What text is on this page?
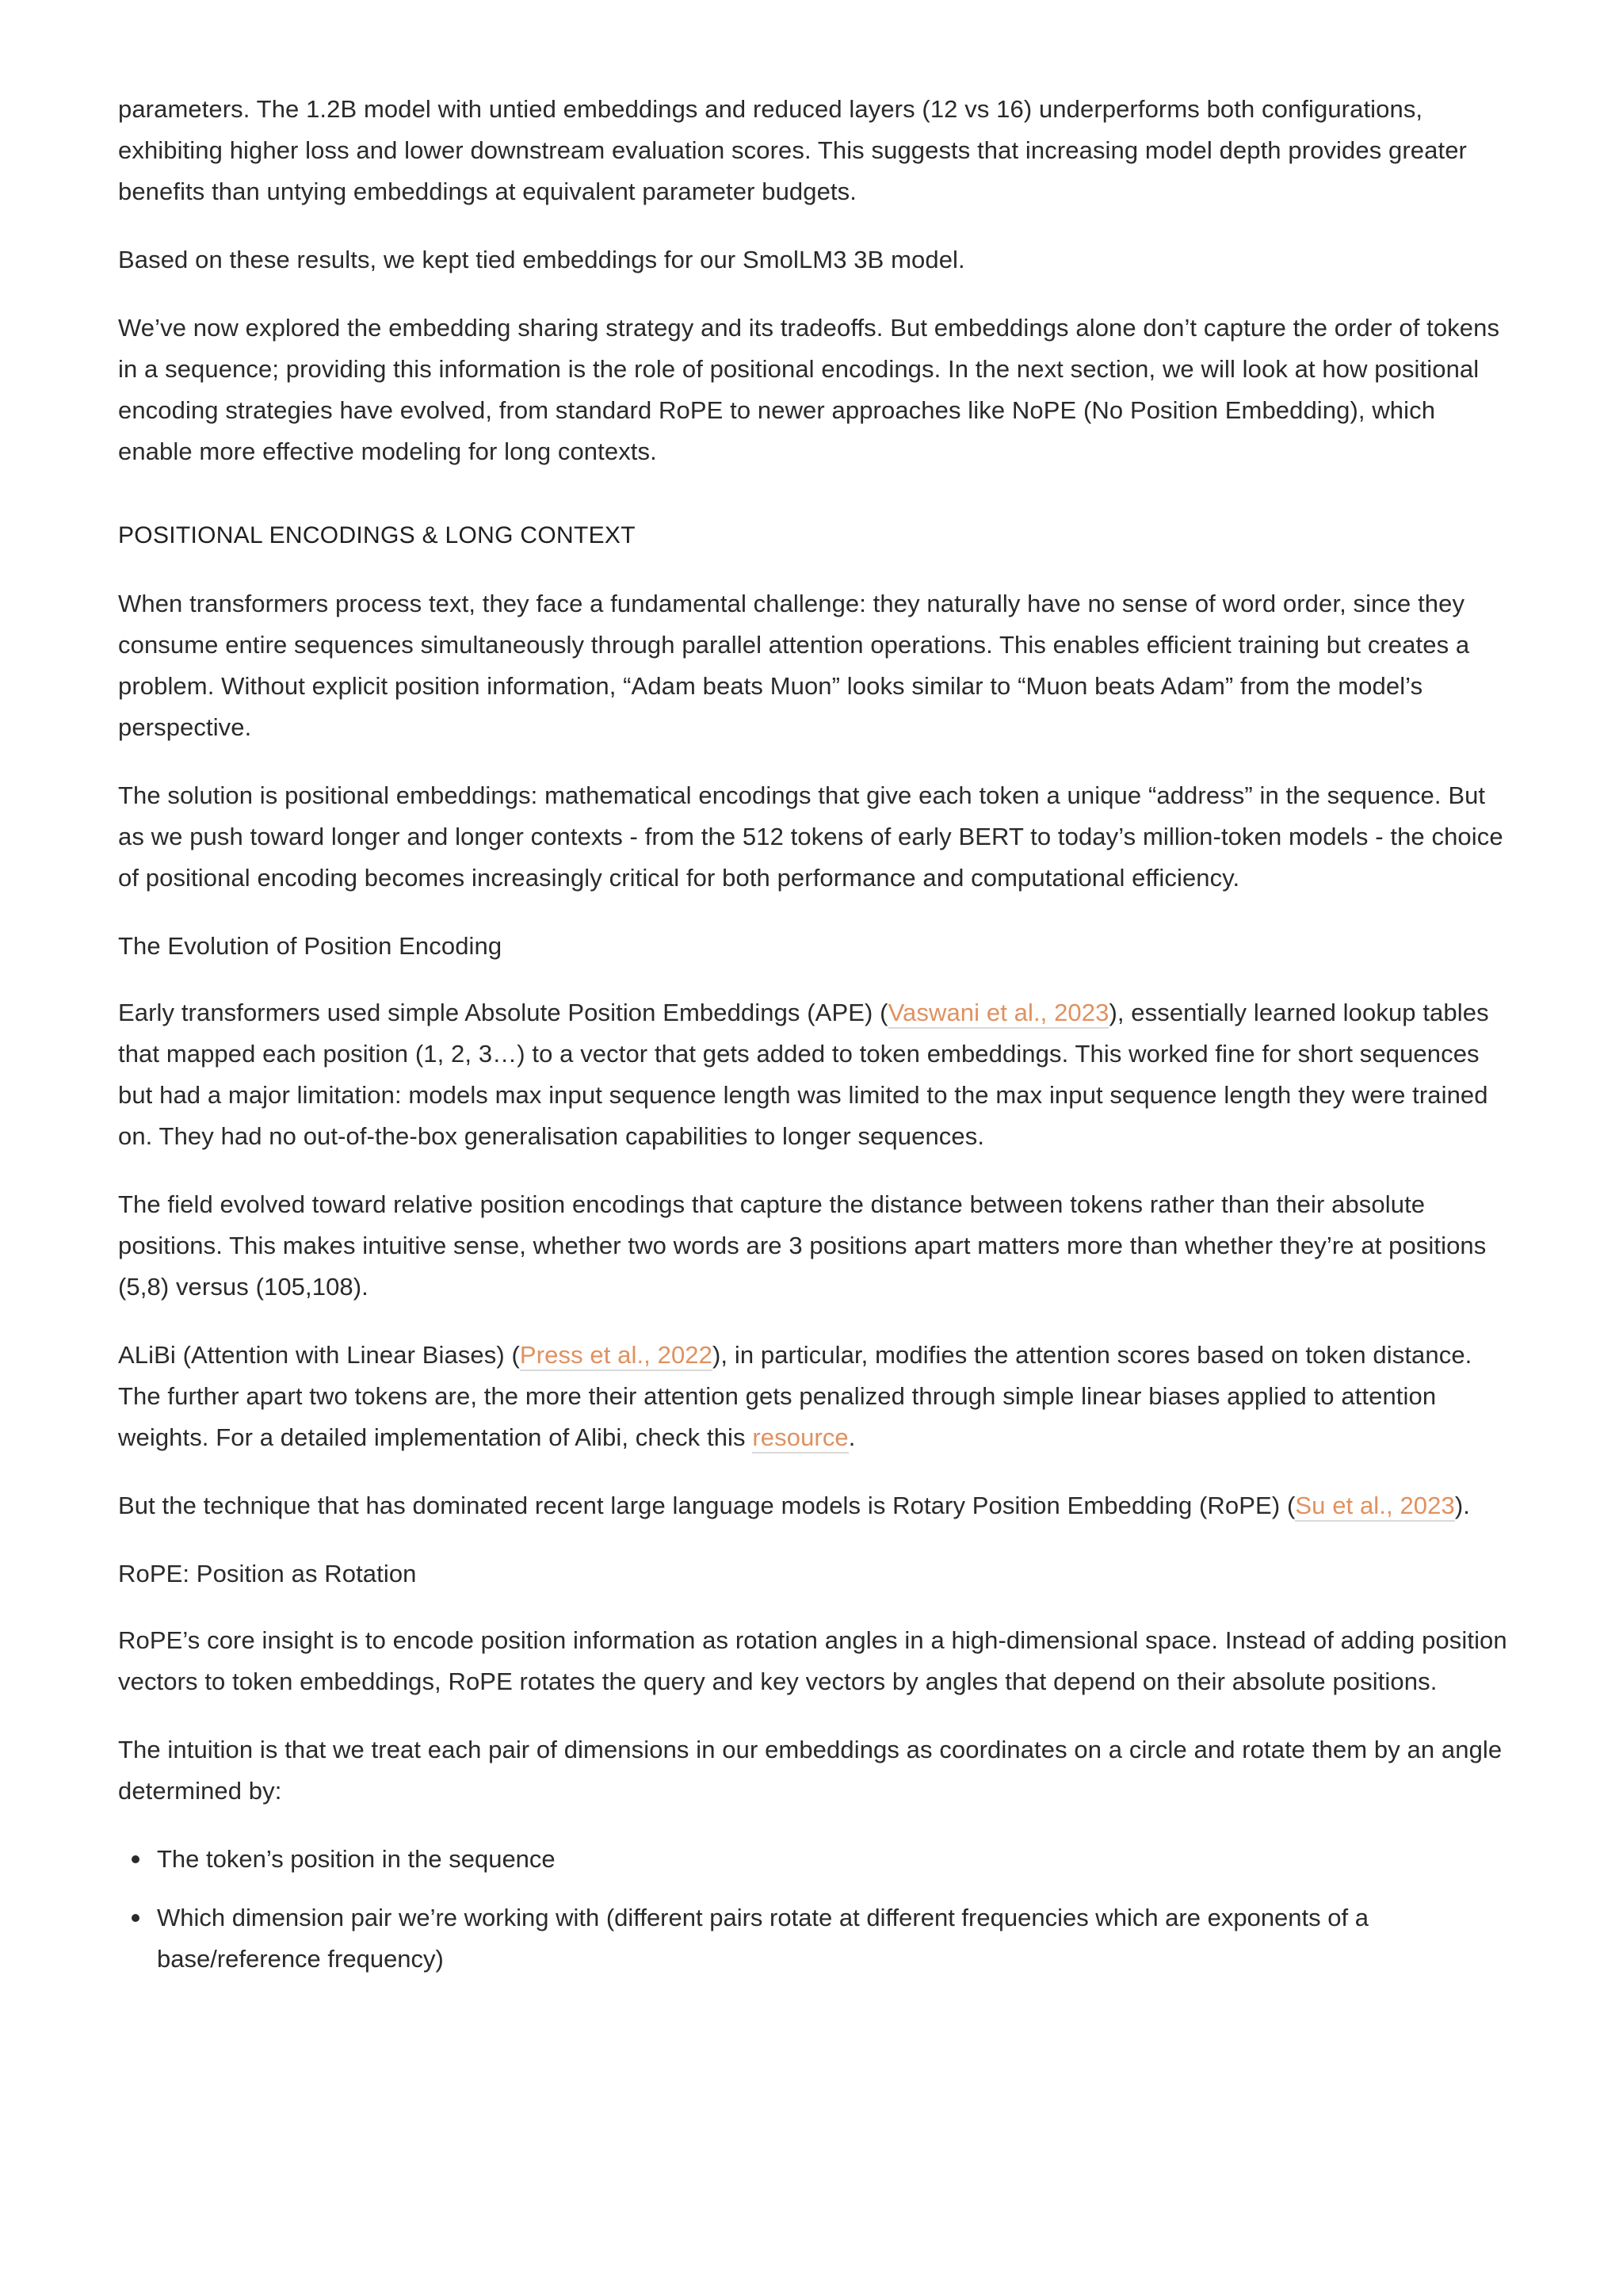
parameters. The 1.2B model with untied embeddings and reduced layers (12 vs 16) underperforms both configurations, exhibiting higher loss and lower downstream evaluation scores. This suggests that increasing model depth provides greater benefits than untying embeddings at equivalent parameter budgets.

Based on these results, we kept tied embeddings for our SmolLM3 3B model.

We’ve now explored the embedding sharing strategy and its tradeoffs. But embeddings alone don’t capture the order of tokens in a sequence; providing this information is the role of positional encodings. In the next section, we will look at how positional encoding strategies have evolved, from standard RoPE to newer approaches like NoPE (No Position Embedding), which enable more effective modeling for long contexts.

POSITIONAL ENCODINGS & LONG CONTEXT

When transformers process text, they face a fundamental challenge: they naturally have no sense of word order, since they consume entire sequences simultaneously through parallel attention operations. This enables efficient training but creates a problem. Without explicit position information, “Adam beats Muon” looks similar to “Muon beats Adam” from the model’s perspective.

The solution is positional embeddings: mathematical encodings that give each token a unique “address” in the sequence. But as we push toward longer and longer contexts - from the 512 tokens of early BERT to today’s million-token models - the choice of positional encoding becomes increasingly critical for both performance and computational efficiency.

The Evolution of Position Encoding

Early transformers used simple Absolute Position Embeddings (APE) (Vaswani et al., 2023), essentially learned lookup tables that mapped each position (1, 2, 3…) to a vector that gets added to token embeddings. This worked fine for short sequences but had a major limitation: models max input sequence length was limited to the max input sequence length they were trained on. They had no out-of-the-box generalisation capabilities to longer sequences.

The field evolved toward relative position encodings that capture the distance between tokens rather than their absolute positions. This makes intuitive sense, whether two words are 3 positions apart matters more than whether they’re at positions (5,8) versus (105,108).

ALiBi (Attention with Linear Biases) (Press et al., 2022), in particular, modifies the attention scores based on token distance. The further apart two tokens are, the more their attention gets penalized through simple linear biases applied to attention weights. For a detailed implementation of Alibi, check this resource.

But the technique that has dominated recent large language models is Rotary Position Embedding (RoPE) (Su et al., 2023).

RoPE: Position as Rotation

RoPE’s core insight is to encode position information as rotation angles in a high-dimensional space. Instead of adding position vectors to token embeddings, RoPE rotates the query and key vectors by angles that depend on their absolute positions.

The intuition is that we treat each pair of dimensions in our embeddings as coordinates on a circle and rotate them by an angle determined by:

The token’s position in the sequence
Which dimension pair we’re working with (different pairs rotate at different frequencies which are exponents of a base/reference frequency)
